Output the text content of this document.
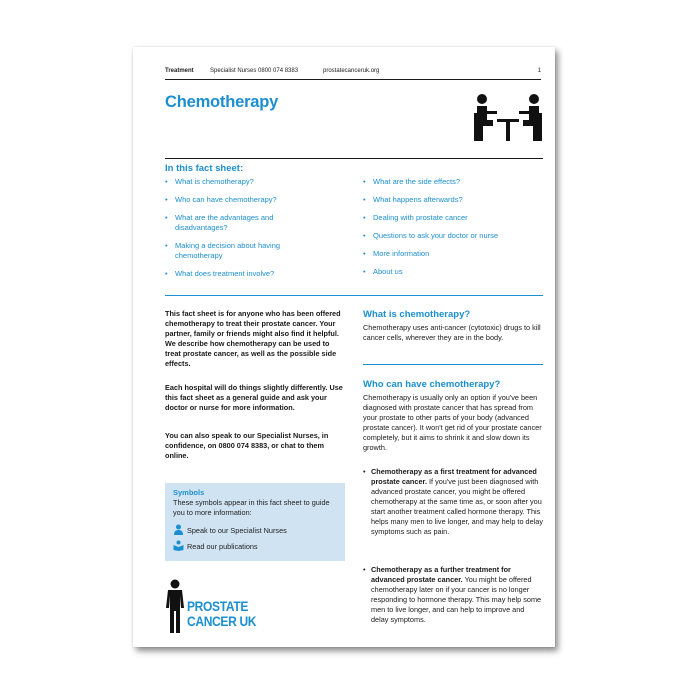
Treatment	Specialist Nurses 0800 074 8383	prostatecanceruk.org	1
Chemotherapy
In this fact sheet:
• What is chemotherapy?
• Who can have chemotherapy?
• What are the advantages and disadvantages?
• Making a decision about having chemotherapy
• What does treatment involve?
• What are the side effects?
• What happens afterwards?
• Dealing with prostate cancer
• Questions to ask your doctor or nurse
• More information
• About us

This fact sheet is for anyone who has been offered chemotherapy to treat their prostate cancer. Your partner, family or friends might also find it helpful. We describe how chemotherapy can be used to treat prostate cancer, as well as the possible side effects.

Each hospital will do things slightly differently. Use this fact sheet as a general guide and ask your doctor or nurse for more information.

You can also speak to our Specialist Nurses, in confidence, on 0800 074 8383, or chat to them online.

Symbols
These symbols appear in this fact sheet to guide you to more information:
Speak to our Specialist Nurses
Read our publications
PROSTATE
CANCER UK
What is chemotherapy?

Chemotherapy uses anti-cancer (cytotoxic) drugs to kill cancer cells, wherever they are in the body.

Who can have chemotherapy?

Chemotherapy is usually only an option if you've been diagnosed with prostate cancer that has spread from your prostate to other parts of your body (advanced prostate cancer). It won't get rid of your prostate cancer completely, but it aims to shrink it and slow down its growth.

• Chemotherapy as a first treatment for advanced prostate cancer. If you've just been diagnosed with advanced prostate cancer, you might be offered chemotherapy at the same time as, or soon after you start another treatment called hormone therapy. This helps many men to live longer, and may help to delay symptoms such as pain.
• Chemotherapy as a further treatment for advanced prostate cancer. You might be offered chemotherapy later on if your cancer is no longer responding to hormone therapy. This may help some men to live longer, and can help to improve and delay symptoms.
